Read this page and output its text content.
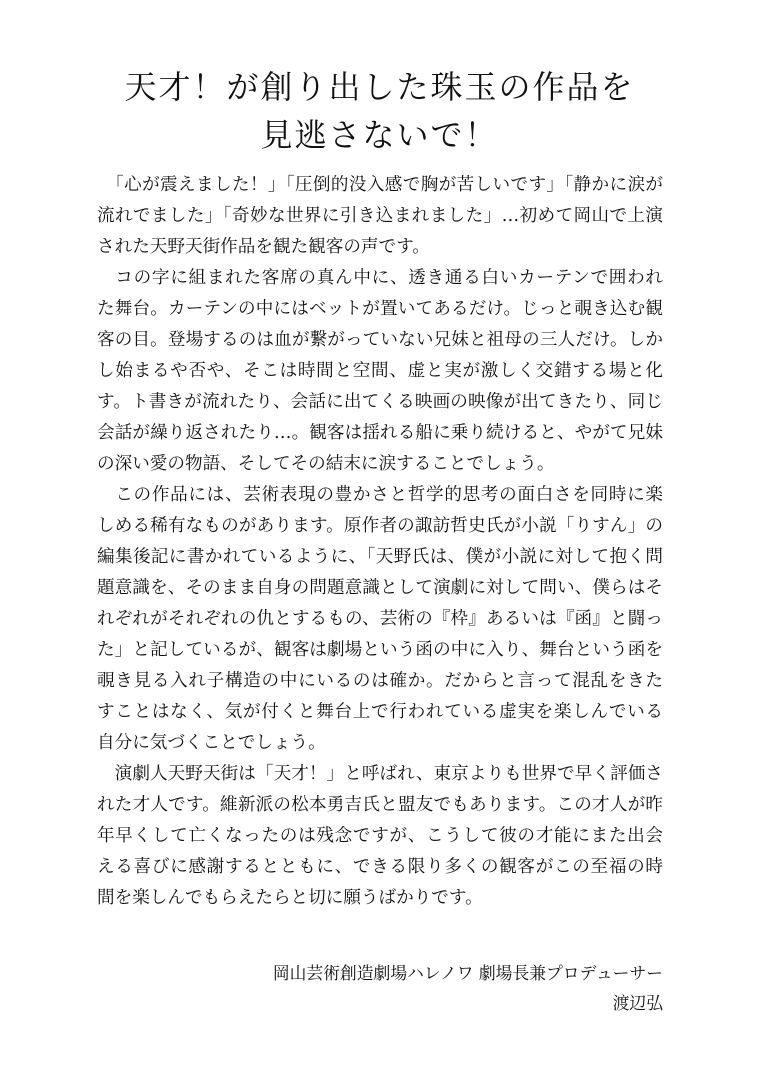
天才！が創り出した珠玉の作品を
見逃さないで！
　「心が震えました！」「圧倒的没入感で胸が苦しいです」「静かに涙が
流れでました」「奇妙な世界に引き込まれました」…初めて岡山で上演
された天野天街作品を観た観客の声です。
　コの字に組まれた客席の真ん中に、透き通る白いカーテンで囲われ
た舞台。カーテンの中にはベットが置いてあるだけ。じっと覗き込む観
客の目。登場するのは血が繋がっていない兄妹と祖母の三人だけ。しか
し始まるや否や、そこは時間と空間、虚と実が激しく交錯する場と化
す。ト書きが流れたり、会話に出てくる映画の映像が出てきたり、同じ
会話が繰り返されたり…。観客は揺れる船に乗り続けると、やがて兄妹
の深い愛の物語、そしてその結末に涙することでしょう。
　この作品には、芸術表現の豊かさと哲学的思考の面白さを同時に楽
しめる稀有なものがあります。原作者の諏訪哲史氏が小説「りすん」の
編集後記に書かれているように、「天野氏は、僕が小説に対して抱く問
題意識を、そのまま自身の問題意識として演劇に対して問い、僕らはそ
れぞれがそれぞれの仇とするもの、芸術の『枠』あるいは『函』と闘っ
た」と記しているが、観客は劇場という函の中に入り、舞台という函を
覗き見る入れ子構造の中にいるのは確か。だからと言って混乱をきた
すことはなく、気が付くと舞台上で行われている虚実を楽しんでいる
自分に気づくことでしょう。
　演劇人天野天街は「天才！」と呼ばれ、東京よりも世界で早く評価さ
れた才人です。維新派の松本勇吉氏と盟友でもあります。この才人が昨
年早くして亡くなったのは残念ですが、こうして彼の才能にまた出会
える喜びに感謝するとともに、できる限り多くの観客がこの至福の時
間を楽しんでもらえたらと切に願うばかりです。
岡山芸術創造劇場ハレノワ 劇場長兼プロデューサー
渡辺弘
